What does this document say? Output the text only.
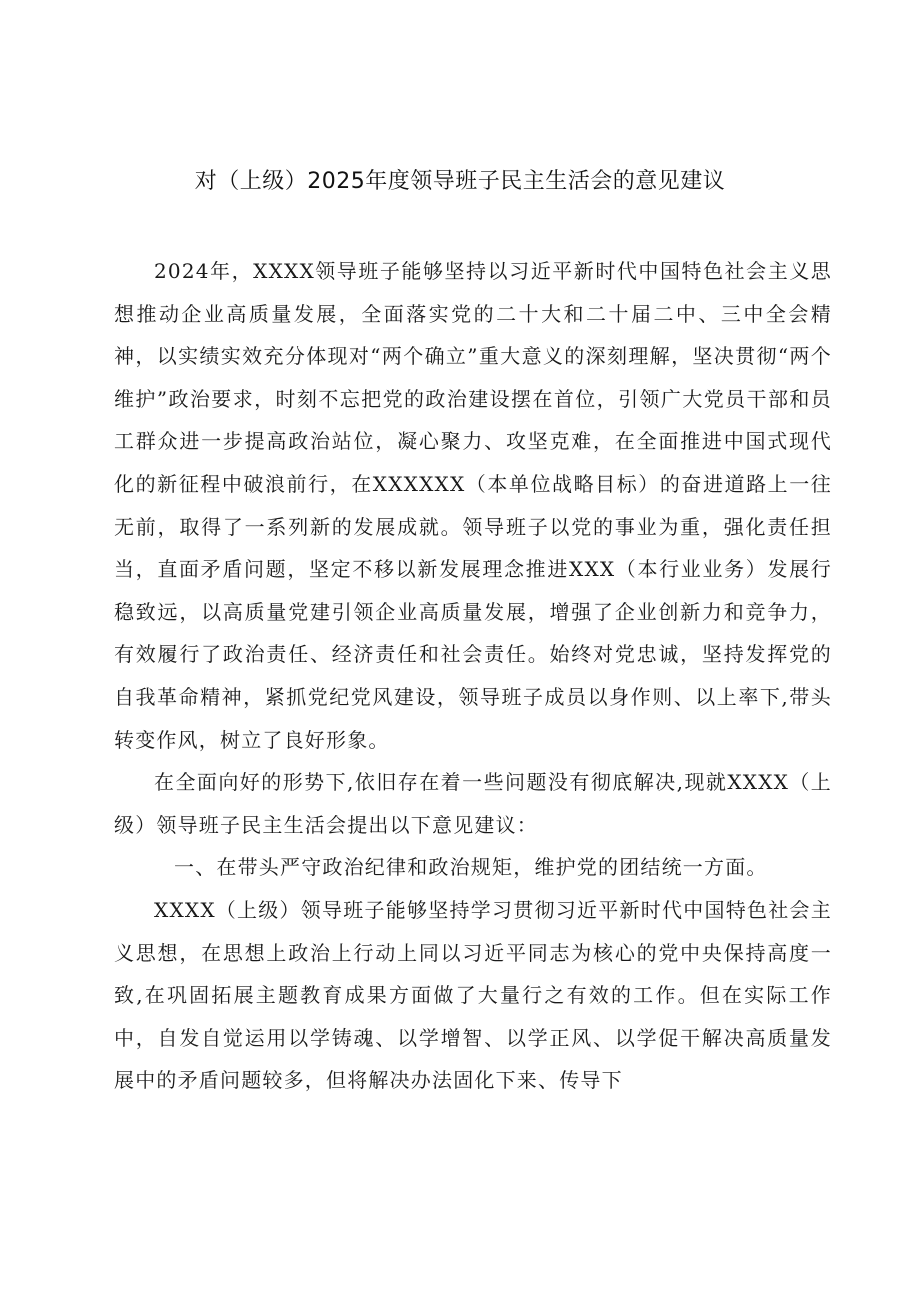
对（上级）2025年度领导班子民主生活会的意见建议

2024年，XXXX领导班子能够坚持以习近平新时代中国特色社会主义思想推动企业高质量发展，全面落实党的二十大和二十届二中、三中全会精神，以实绩实效充分体现对“两个确立”重大意义的深刻理解，坚决贯彻“两个维护”政治要求，时刻不忘把党的政治建设摆在首位，引领广大党员干部和员工群众进一步提高政治站位，凝心聚力、攻坚克难，在全面推进中国式现代化的新征程中破浪前行，在XXXXXX（本单位战略目标）的奋进道路上一往无前，取得了一系列新的发展成就。领导班子以党的事业为重，强化责任担当，直面矛盾问题，坚定不移以新发展理念推进XXX（本行业业务）发展行稳致远，以高质量党建引领企业高质量发展，增强了企业创新力和竞争力，有效履行了政治责任、经济责任和社会责任。始终对党忠诚，坚持发挥党的自我革命精神，紧抓党纪党风建设，领导班子成员以身作则、以上率下,带头转变作风，树立了良好形象。

在全面向好的形势下,依旧存在着一些问题没有彻底解决,现就XXXX（上级）领导班子民主生活会提出以下意见建议：

一、在带头严守政治纪律和政治规矩，维护党的团结统一方面。

XXXX（上级）领导班子能够坚持学习贯彻习近平新时代中国特色社会主义思想，在思想上政治上行动上同以习近平同志为核心的党中央保持高度一致,在巩固拓展主题教育成果方面做了大量行之有效的工作。但在实际工作中，自发自觉运用以学铸魂、以学增智、以学正风、以学促干解决高质量发展中的矛盾问题较多，但将解决办法固化下来、传导下
